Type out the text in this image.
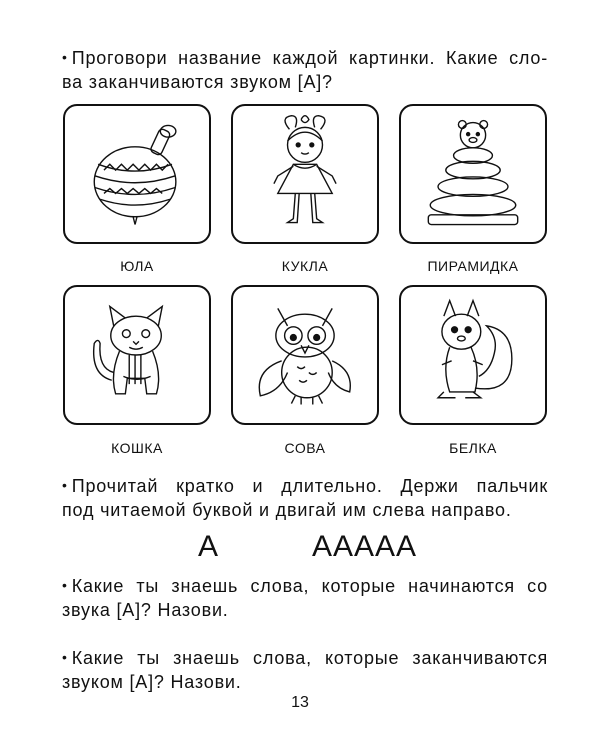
• Проговори название каждой картинки. Какие сло-
ва заканчиваются звуком [А]?
ЮЛА	КУКЛА	ПИРАМИДКА
КОШКА	СОВА	БЕЛКА
• Прочитай кратко и длительно. Держи пальчик
под читаемой буквой и двигай им слева направо.
А	ААААА
• Какие ты знаешь слова, которые начинаются со
звука [А]? Назови.
• Какие ты знаешь слова, которые заканчиваются
звуком [А]? Назови.
13
